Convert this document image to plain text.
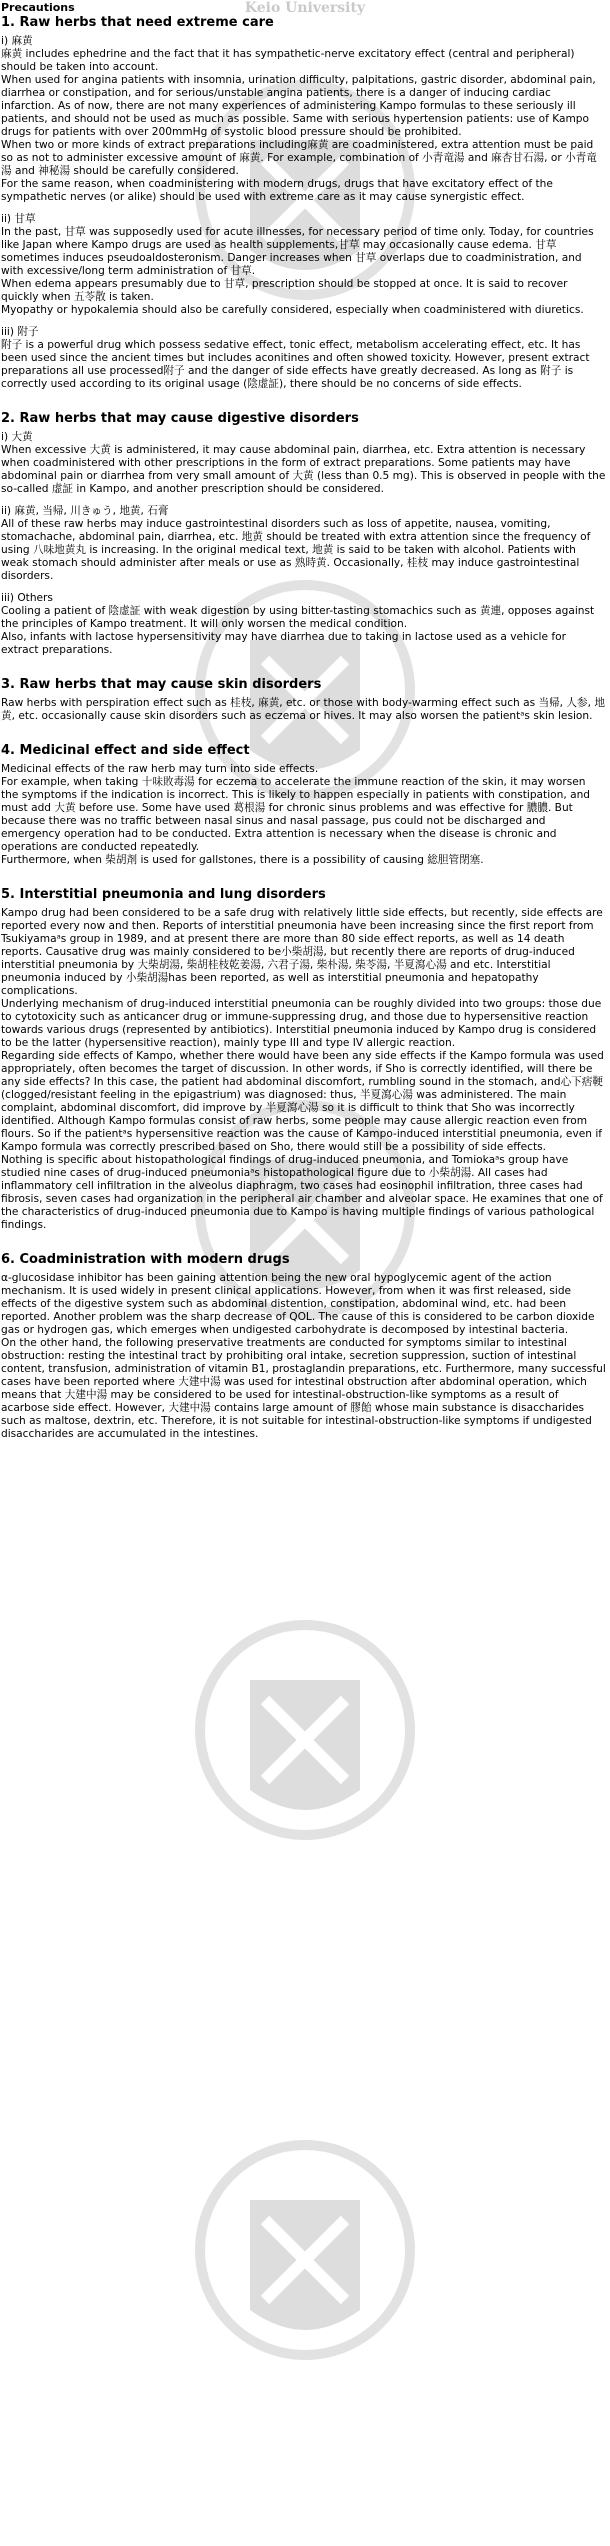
Keio University
Precautions
1. Raw herbs that need extreme care
i) 麻黄

麻黄 includes ephedrine and the fact that it has sympathetic-nerve excitatory effect (central and peripheral) should be taken into account.

When used for angina patients with insomnia, urination difficulty, palpitations, gastric disorder, abdominal pain, diarrhea or constipation, and for serious/unstable angina patients, there is a danger of inducing cardiac infarction. As of now, there are not many experiences of administering Kampo formulas to these seriously ill patients, and should not be used as much as possible. Same with serious hypertension patients: use of Kampo drugs for patients with over 200mmHg of systolic blood pressure should be prohibited.

When two or more kinds of extract preparations including麻黄 are coadministered, extra attention must be paid so as not to administer excessive amount of 麻黄. For example, combination of 小青竜湯 and 麻杏甘石湯, or 小青竜湯 and 神秘湯 should be carefully considered.

For the same reason, when coadministering with modern drugs, drugs that have excitatory effect of the sympathetic nerves (or alike) should be used with extreme care as it may cause synergistic effect.

ii) 甘草

In the past, 甘草 was supposedly used for acute illnesses, for necessary period of time only. Today, for countries like Japan where Kampo drugs are used as health supplements,甘草 may occasionally cause edema. 甘草 sometimes induces pseudoaldosteronism. Danger increases when 甘草 overlaps due to coadministration, and with excessive/long term administration of 甘草.

When edema appears presumably due to 甘草, prescription should be stopped at once. It is said to recover quickly when 五苓散 is taken.

Myopathy or hypokalemia should also be carefully considered, especially when coadministered with diuretics.

iii) 附子

附子 is a powerful drug which possess sedative effect, tonic effect, metabolism accelerating effect, etc. It has been used since the ancient times but includes aconitines and often showed toxicity. However, present extract preparations all use processed附子 and the danger of side effects have greatly decreased. As long as 附子 is correctly used according to its original usage (陰虚証), there should be no concerns of side effects.

2. Raw herbs that may cause digestive disorders
i) 大黄

When excessive 大黄 is administered, it may cause abdominal pain, diarrhea, etc. Extra attention is necessary when coadministered with other prescriptions in the form of extract preparations. Some patients may have abdominal pain or diarrhea from very small amount of 大黄 (less than 0.5 mg). This is observed in people with the so-called 虚証 in Kampo, and another prescription should be considered.

ii) 麻黄, 当帰, 川きゅう, 地黄, 石膏

All of these raw herbs may induce gastrointestinal disorders such as loss of appetite, nausea, vomiting, stomachache, abdominal pain, diarrhea, etc. 地黄 should be treated with extra attention since the frequency of using 八味地黄丸 is increasing. In the original medical text, 地黄 is said to be taken with alcohol. Patients with weak stomach should administer after meals or use as 熟時黄. Occasionally, 桂枝 may induce gastrointestinal disorders.

iii) Others

Cooling a patient of 陰虚証 with weak digestion by using bitter-tasting stomachics such as 黄連, opposes against the principles of Kampo treatment. It will only worsen the medical condition.

Also, infants with lactose hypersensitivity may have diarrhea due to taking in lactose used as a vehicle for extract preparations.

3. Raw herbs that may cause skin disorders

Raw herbs with perspiration effect such as 桂枝, 麻黄, etc. or those with body-warming effect such as 当帰, 人参, 地黄, etc. occasionally cause skin disorders such as eczema or hives. It may also worsen the patientᵃs skin lesion.

4. Medicinal effect and side effect

Medicinal effects of the raw herb may turn into side effects.

For example, when taking 十味敗毒湯 for eczema to accelerate the immune reaction of the skin, it may worsen the symptoms if the indication is incorrect. This is likely to happen especially in patients with constipation, and must add 大黄 before use. Some have used 葛根湯 for chronic sinus problems and was effective for 膿膿. But because there was no traffic between nasal sinus and nasal passage, pus could not be discharged and emergency operation had to be conducted. Extra attention is necessary when the disease is chronic and operations are conducted repeatedly.

Furthermore, when 柴胡剤 is used for gallstones, there is a possibility of causing 総胆管閉塞.

5. Interstitial pneumonia and lung disorders

Kampo drug had been considered to be a safe drug with relatively little side effects, but recently, side effects are reported every now and then. Reports of interstitial pneumonia have been increasing since the first report from Tsukiyamaᵃs group in 1989, and at present there are more than 80 side effect reports, as well as 14 death reports. Causative drug was mainly considered to be小柴胡湯, but recently there are reports of drug-induced interstitial pneumonia by 大柴胡湯, 柴胡桂枝乾姜湯, 六君子湯, 柴朴湯, 柴苓湯, 半夏瀉心湯 and etc. Interstitial pneumonia induced by 小柴胡湯has been reported, as well as interstitial pneumonia and hepatopathy complications.

Underlying mechanism of drug-induced interstitial pneumonia can be roughly divided into two groups: those due to cytotoxicity such as anticancer drug or immune-suppressing drug, and those due to hypersensitive reaction towards various drugs (represented by antibiotics). Interstitial pneumonia induced by Kampo drug is considered to be the latter (hypersensitive reaction), mainly type III and type IV allergic reaction.

Regarding side effects of Kampo, whether there would have been any side effects if the Kampo formula was used appropriately, often becomes the target of discussion. In other words, if Sho is correctly identified, will there be any side effects? In this case, the patient had abdominal discomfort, rumbling sound in the stomach, and心下痞鞕 (clogged/resistant feeling in the epigastrium) was diagnosed: thus, 半夏瀉心湯 was administered. The main complaint, abdominal discomfort, did improve by 半夏瀉心湯 so it is difficult to think that Sho was incorrectly identified. Although Kampo formulas consist of raw herbs, some people may cause allergic reaction even from flours. So if the patientᵃs hypersensitive reaction was the cause of Kampo-induced interstitial pneumonia, even if Kampo formula was correctly prescribed based on Sho, there would still be a possibility of side effects.

Nothing is specific about histopathological findings of drug-induced pneumonia, and Tomiokaᵃs group have studied nine cases of drug-induced pneumoniaᵃs histopathological figure due to 小柴胡湯. All cases had inflammatory cell infiltration in the alveolus diaphragm, two cases had eosinophil infiltration, three cases had fibrosis, seven cases had organization in the peripheral air chamber and alveolar space. He examines that one of the characteristics of drug-induced pneumonia due to Kampo is having multiple findings of various pathological findings.

6. Coadministration with modern drugs

α-glucosidase inhibitor has been gaining attention being the new oral hypoglycemic agent of the action mechanism. It is used widely in present clinical applications. However, from when it was first released, side effects of the digestive system such as abdominal distention, constipation, abdominal wind, etc. had been reported. Another problem was the sharp decrease of QOL. The cause of this is considered to be carbon dioxide gas or hydrogen gas, which emerges when undigested carbohydrate is decomposed by intestinal bacteria.

On the other hand, the following preservative treatments are conducted for symptoms similar to intestinal obstruction: resting the intestinal tract by prohibiting oral intake, secretion suppression, suction of intestinal content, transfusion, administration of vitamin B1, prostaglandin preparations, etc. Furthermore, many successful cases have been reported where 大建中湯 was used for intestinal obstruction after abdominal operation, which means that 大建中湯 may be considered to be used for intestinal-obstruction-like symptoms as a result of acarbose side effect. However, 大建中湯 contains large amount of 膠飴 whose main substance is disaccharides such as maltose, dextrin, etc. Therefore, it is not suitable for intestinal-obstruction-like symptoms if undigested disaccharides are accumulated in the intestines.
